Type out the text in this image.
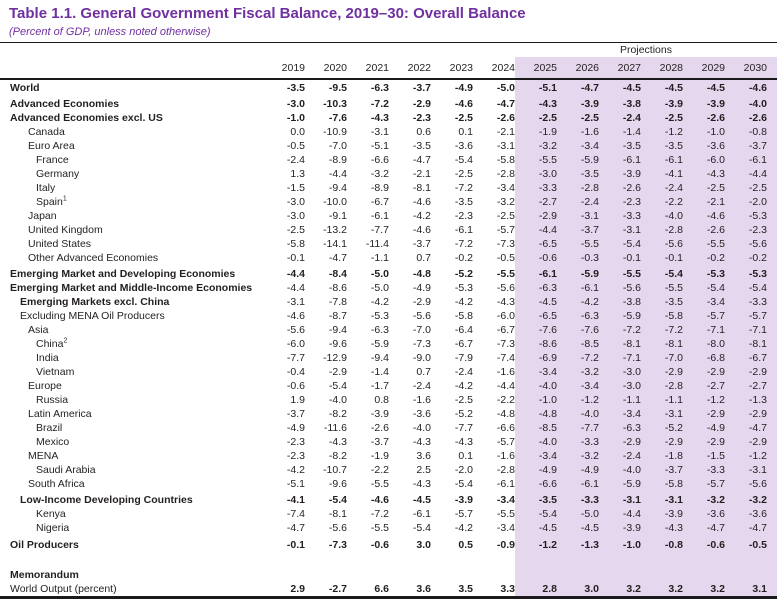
Table 1.1. General Government Fiscal Balance, 2019–30: Overall Balance
(Percent of GDP, unless noted otherwise)
Projections
2019	2020	2021	2022	2023	2024	2025	2026	2027	2028	2029	2030
World	-3.5	-9.5	-6.3	-3.7	-4.9	-5.0	-5.1	-4.7	-4.5	-4.5	-4.5	-4.6
Advanced Economies	-3.0	-10.3	-7.2	-2.9	-4.6	-4.7	-4.3	-3.9	-3.8	-3.9	-3.9	-4.0
Advanced Economies excl. US	-1.0	-7.6	-4.3	-2.3	-2.5	-2.6	-2.5	-2.5	-2.4	-2.5	-2.6	-2.6
Canada	0.0	-10.9	-3.1	0.6	0.1	-2.1	-1.9	-1.6	-1.4	-1.2	-1.0	-0.8
Euro Area	-0.5	-7.0	-5.1	-3.5	-3.6	-3.1	-3.2	-3.4	-3.5	-3.5	-3.6	-3.7
France	-2.4	-8.9	-6.6	-4.7	-5.4	-5.8	-5.5	-5.9	-6.1	-6.1	-6.0	-6.1
Germany	1.3	-4.4	-3.2	-2.1	-2.5	-2.8	-3.0	-3.5	-3.9	-4.1	-4.3	-4.4
Italy	-1.5	-9.4	-8.9	-8.1	-7.2	-3.4	-3.3	-2.8	-2.6	-2.4	-2.5	-2.5
Spain$^1$	-3.0	-10.0	-6.7	-4.6	-3.5	-3.2	-2.7	-2.4	-2.3	-2.2	-2.1	-2.0
Japan	-3.0	-9.1	-6.1	-4.2	-2.3	-2.5	-2.9	-3.1	-3.3	-4.0	-4.6	-5.3
United Kingdom	-2.5	-13.2	-7.7	-4.6	-6.1	-5.7	-4.4	-3.7	-3.1	-2.8	-2.6	-2.3
United States	-5.8	-14.1	-11.4	-3.7	-7.2	-7.3	-6.5	-5.5	-5.4	-5.6	-5.5	-5.6
Other Advanced Economies	-0.1	-4.7	-1.1	0.7	-0.2	-0.5	-0.6	-0.3	-0.1	-0.1	-0.2	-0.2
Emerging Market and Developing Economies	-4.4	-8.4	-5.0	-4.8	-5.2	-5.5	-6.1	-5.9	-5.5	-5.4	-5.3	-5.3
Emerging Market and Middle-Income Economies	-4.4	-8.6	-5.0	-4.9	-5.3	-5.6	-6.3	-6.1	-5.6	-5.5	-5.4	-5.4
Emerging Markets excl. China	-3.1	-7.8	-4.2	-2.9	-4.2	-4.3	-4.5	-4.2	-3.8	-3.5	-3.4	-3.3
Excluding MENA Oil Producers	-4.6	-8.7	-5.3	-5.6	-5.8	-6.0	-6.5	-6.3	-5.9	-5.8	-5.7	-5.7
Asia	-5.6	-9.4	-6.3	-7.0	-6.4	-6.7	-7.6	-7.6	-7.2	-7.2	-7.1	-7.1
China$^2$	-6.0	-9.6	-5.9	-7.3	-6.7	-7.3	-8.6	-8.5	-8.1	-8.1	-8.0	-8.1
India	-7.7	-12.9	-9.4	-9.0	-7.9	-7.4	-6.9	-7.2	-7.1	-7.0	-6.8	-6.7
Vietnam	-0.4	-2.9	-1.4	0.7	-2.4	-1.6	-3.4	-3.2	-3.0	-2.9	-2.9	-2.9
Europe	-0.6	-5.4	-1.7	-2.4	-4.2	-4.4	-4.0	-3.4	-3.0	-2.8	-2.7	-2.7
Russia	1.9	-4.0	0.8	-1.6	-2.5	-2.2	-1.0	-1.2	-1.1	-1.1	-1.2	-1.3
Latin America	-3.7	-8.2	-3.9	-3.6	-5.2	-4.8	-4.8	-4.0	-3.4	-3.1	-2.9	-2.9
Brazil	-4.9	-11.6	-2.6	-4.0	-7.7	-6.6	-8.5	-7.7	-6.3	-5.2	-4.9	-4.7
Mexico	-2.3	-4.3	-3.7	-4.3	-4.3	-5.7	-4.0	-3.3	-2.9	-2.9	-2.9	-2.9
MENA	-2.3	-8.2	-1.9	3.6	0.1	-1.6	-3.4	-3.2	-2.4	-1.8	-1.5	-1.2
Saudi Arabia	-4.2	-10.7	-2.2	2.5	-2.0	-2.8	-4.9	-4.9	-4.0	-3.7	-3.3	-3.1
South Africa	-5.1	-9.6	-5.5	-4.3	-5.4	-6.1	-6.6	-6.1	-5.9	-5.8	-5.7	-5.6
Low-Income Developing Countries	-4.1	-5.4	-4.6	-4.5	-3.9	-3.4	-3.5	-3.3	-3.1	-3.1	-3.2	-3.2
Kenya	-7.4	-8.1	-7.2	-6.1	-5.7	-5.5	-5.4	-5.0	-4.4	-3.9	-3.6	-3.6
Nigeria	-4.7	-5.6	-5.5	-5.4	-4.2	-3.4	-4.5	-4.5	-3.9	-4.3	-4.7	-4.7
Oil Producers	-0.1	-7.3	-0.6	3.0	0.5	-0.9	-1.2	-1.3	-1.0	-0.8	-0.6	-0.5
Memorandum
World Output (percent)	2.9	-2.7	6.6	3.6	3.5	3.3	2.8	3.0	3.2	3.2	3.2	3.1
